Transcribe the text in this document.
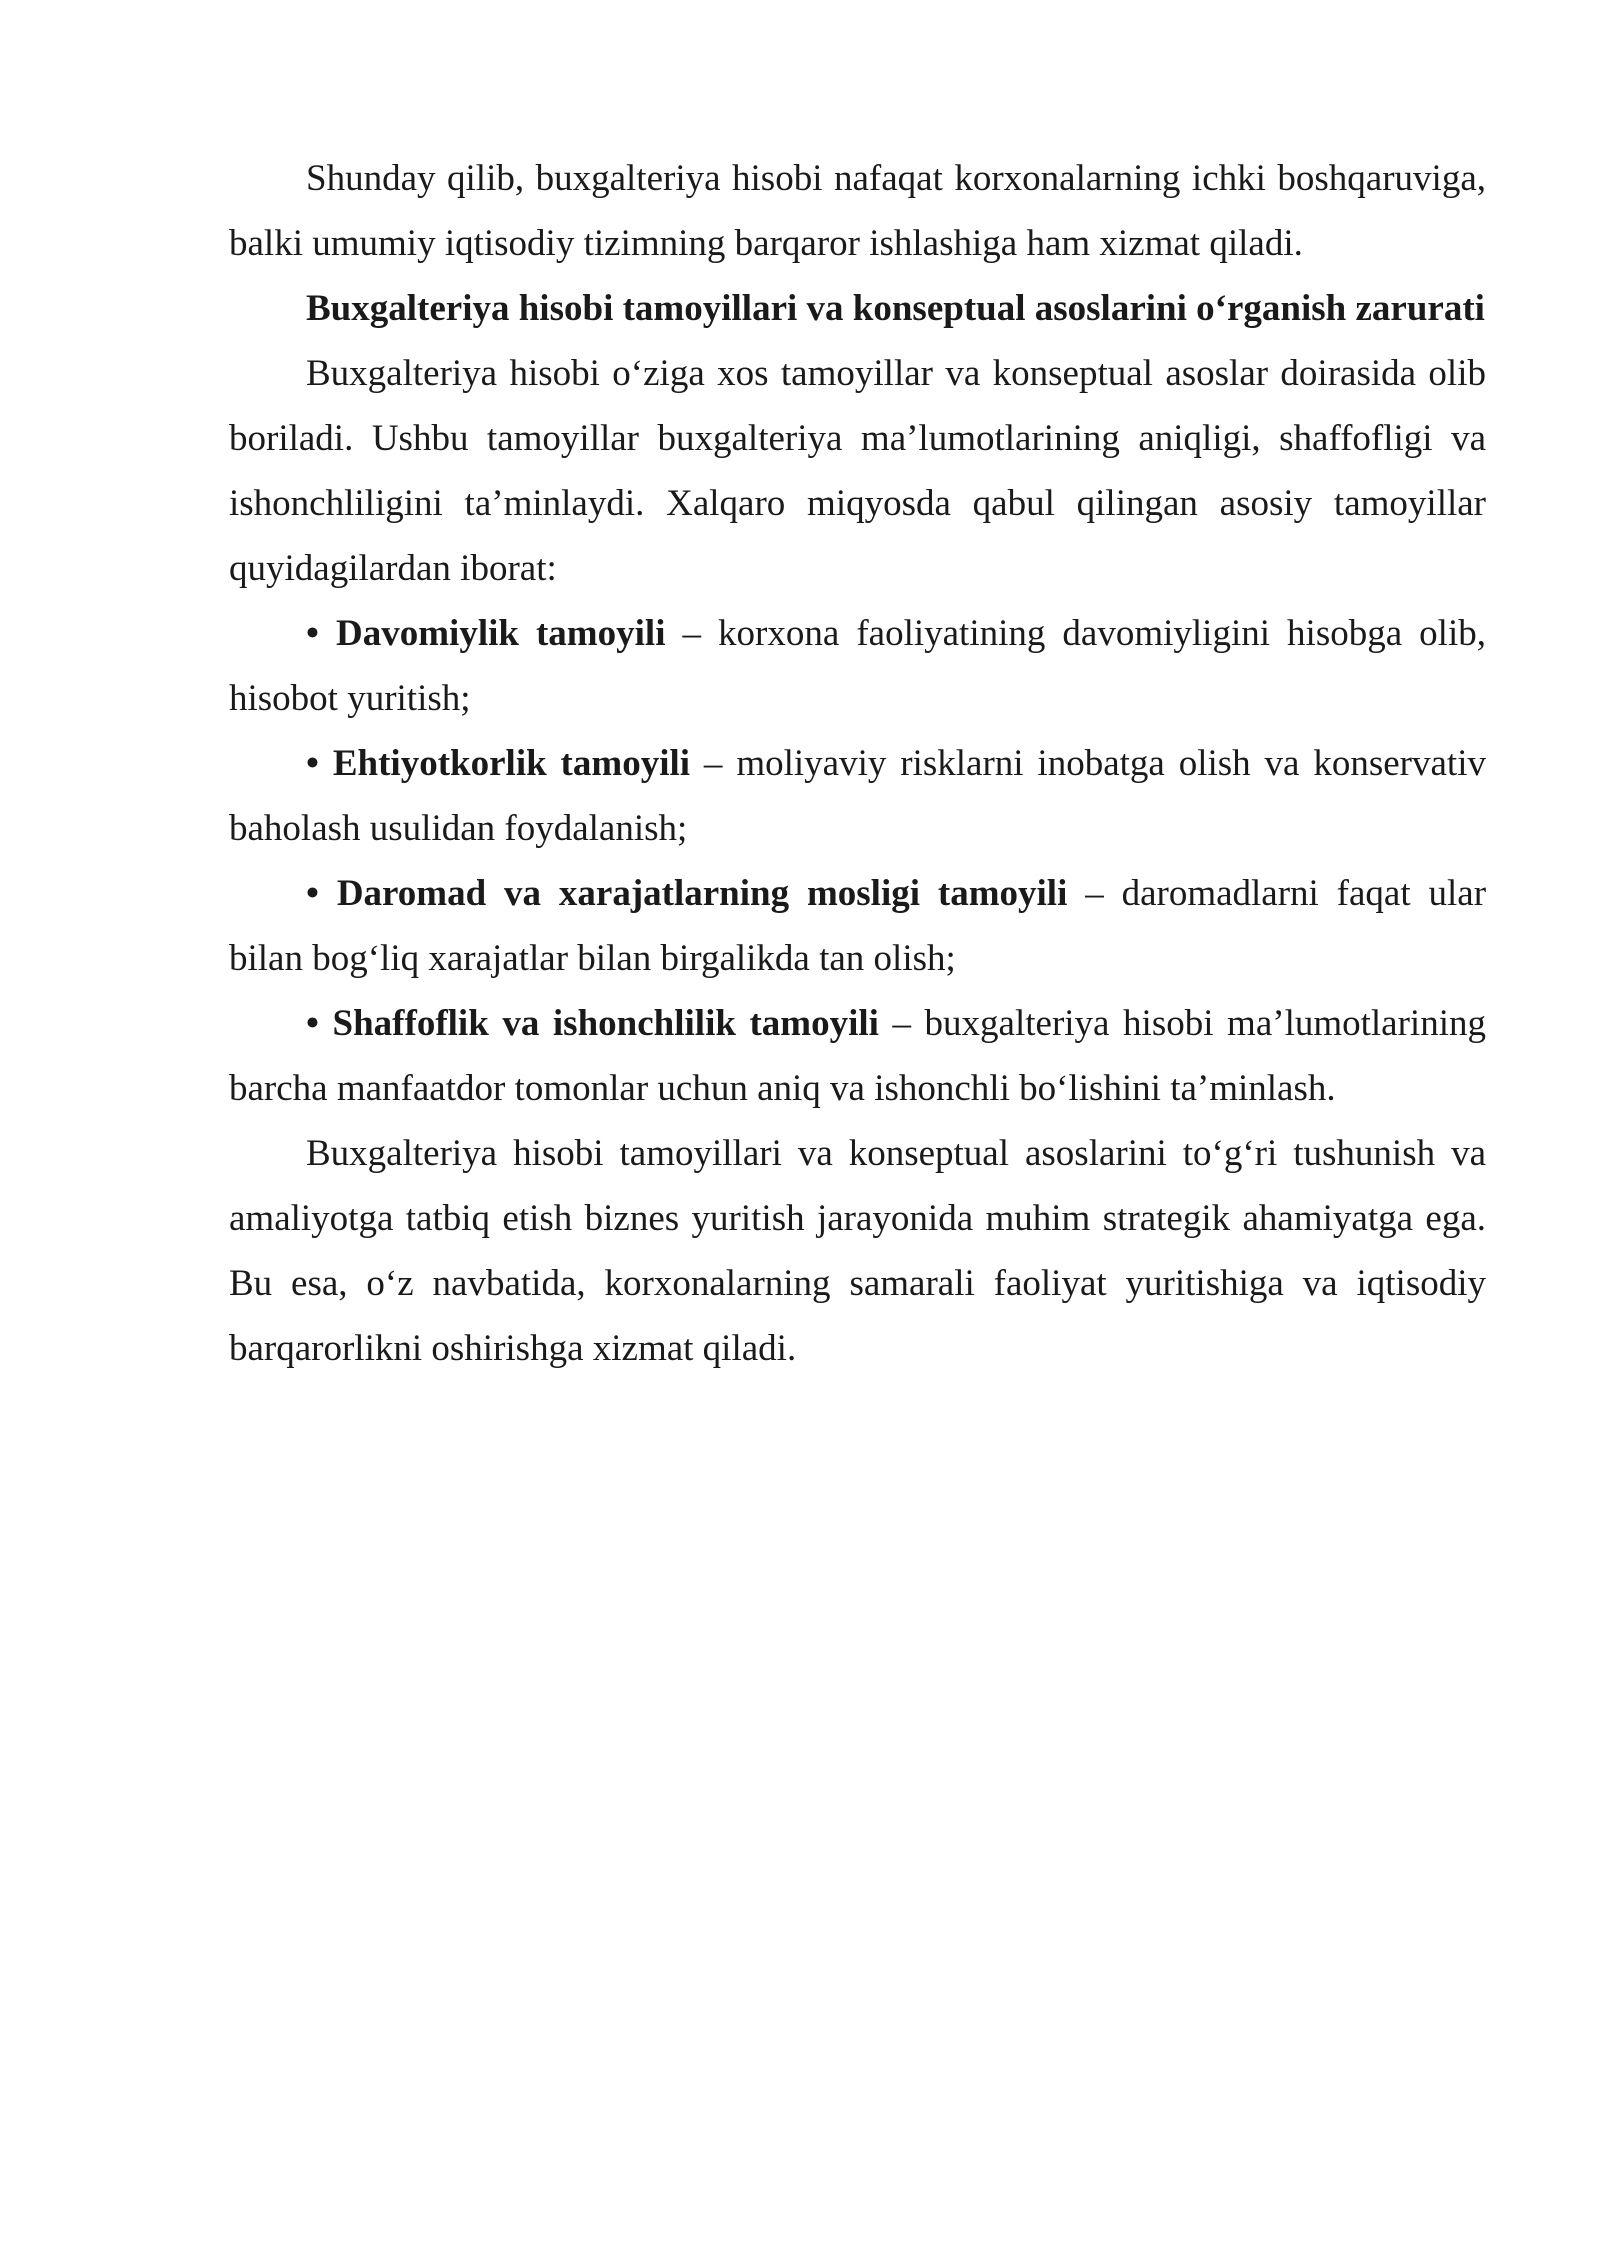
Shunday qilib, buxgalteriya hisobi nafaqat korxonalarning ichki boshqaruviga, balki umumiy iqtisodiy tizimning barqaror ishlashiga ham xizmat qiladi.

Buxgalteriya hisobi tamoyillari va konseptual asoslarini o‘rganish zarurati

Buxgalteriya hisobi o‘ziga xos tamoyillar va konseptual asoslar doirasida olib boriladi. Ushbu tamoyillar buxgalteriya ma’lumotlarining aniqligi, shaffofligi va ishonchliligini ta’minlaydi. Xalqaro miqyosda qabul qilingan asosiy tamoyillar quyidagilardan iborat:

• Davomiylik tamoyili – korxona faoliyatining davomiyligini hisobga olib, hisobot yuritish;

• Ehtiyotkorlik tamoyili – moliyaviy risklarni inobatga olish va konservativ baholash usulidan foydalanish;

• Daromad va xarajatlarning mosligi tamoyili – daromadlarni faqat ular bilan bog‘liq xarajatlar bilan birgalikda tan olish;

• Shaffoflik va ishonchlilik tamoyili – buxgalteriya hisobi ma’lumotlarining barcha manfaatdor tomonlar uchun aniq va ishonchli bo‘lishini ta’minlash.

Buxgalteriya hisobi tamoyillari va konseptual asoslarini to‘g‘ri tushunish va amaliyotga tatbiq etish biznes yuritish jarayonida muhim strategik ahamiyatga ega. Bu esa, o‘z navbatida, korxonalarning samarali faoliyat yuritishiga va iqtisodiy barqarorlikni oshirishga xizmat qiladi.
